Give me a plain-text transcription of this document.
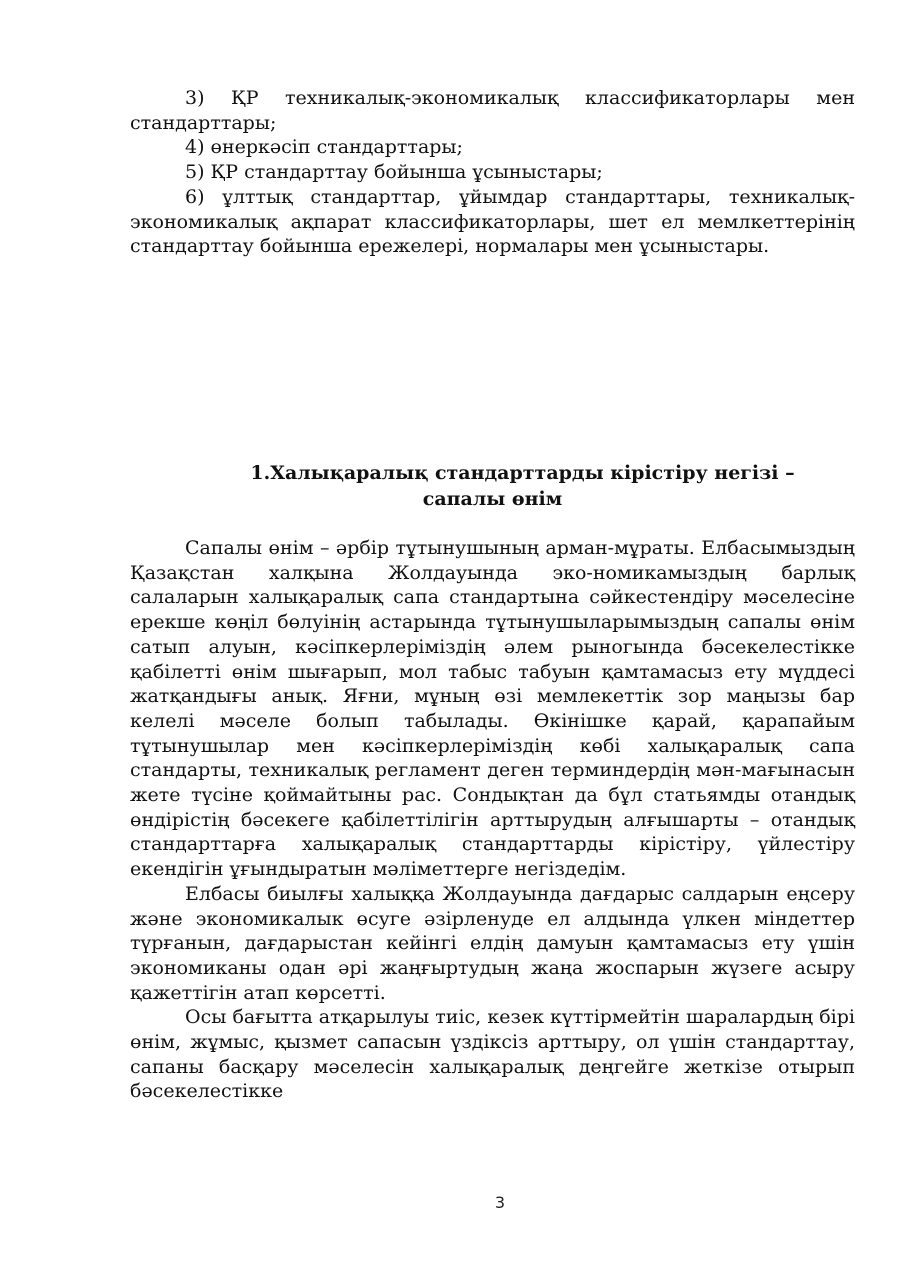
3) ҚР техникалық-экономикалық классификаторлары мен стандарттары;

4) өнеркәсіп стандарттары;

5) ҚР стандарттау бойынша ұсыныстары;

6) ұлттық стандарттар, ұйымдар стандарттары, техникалық-экономикалық ақпарат классификаторлары, шет ел мемлкеттерінің стандарттау бойынша ережелері, нормалары мен ұсыныстары.

1.Халықаралық стандарттарды кірістіру негізі –
сапалы өнім

Сапалы өнім – әрбір тұтынушының арман-мұраты. Елбасымыздың Қазақстан халқына Жолдауында эко-номикамыздың барлық салаларын халықаралық сапа стандартына сәйкестендіру мәселесіне ерекше көңіл бөлуінің астарында тұтынушыларымыздың сапалы өнім сатып алуын, кәсіпкерлеріміздің әлем рыногында бәсекелестікке қабілетті өнім шығарып, мол табыс табуын қамтамасыз ету мүддесі жатқандығы анық. Яғни, мұның өзі мемлекеттік зор маңызы бар келелі мәселе болып табылады. Өкінішке қарай, қарапайым тұтынушылар мен кәсіпкерлеріміздің көбі халықаралық сапа стандарты, техникалық регламент деген терминдердің мән-мағынасын жете түсіне қоймайтыны рас. Сондықтан да бұл статьямды отандық өндірістің бәсекеге қабілеттілігін арттырудың алғышарты – отандық стандарттарға халықаралық стандарттарды кірістіру, үйлестіру екендігін ұғындыратын мәліметтерге негіздедім.

Елбасы биылғы халыққа Жолдауында дағдарыс салдарын еңсеру және экономикалык өсуге әзірленуде ел алдында үлкен міндеттер түрғанын, дағдарыстан кейінгі елдің дамуын қамтамасыз ету үшін экономиканы одан әрі жаңғыртудың жаңа жоспарын жүзеге асыру қажеттігін атап көрсетті.

Осы бағытта атқарылуы тиіс, кезек күттірмейтін шаралардың бірі өнім, жұмыс, қызмет сапасын үздіксіз арттыру, ол үшін стандарттау, сапаны басқару мәселесін халықаралық деңгейге жеткізе отырып бәсекелестікке

3
